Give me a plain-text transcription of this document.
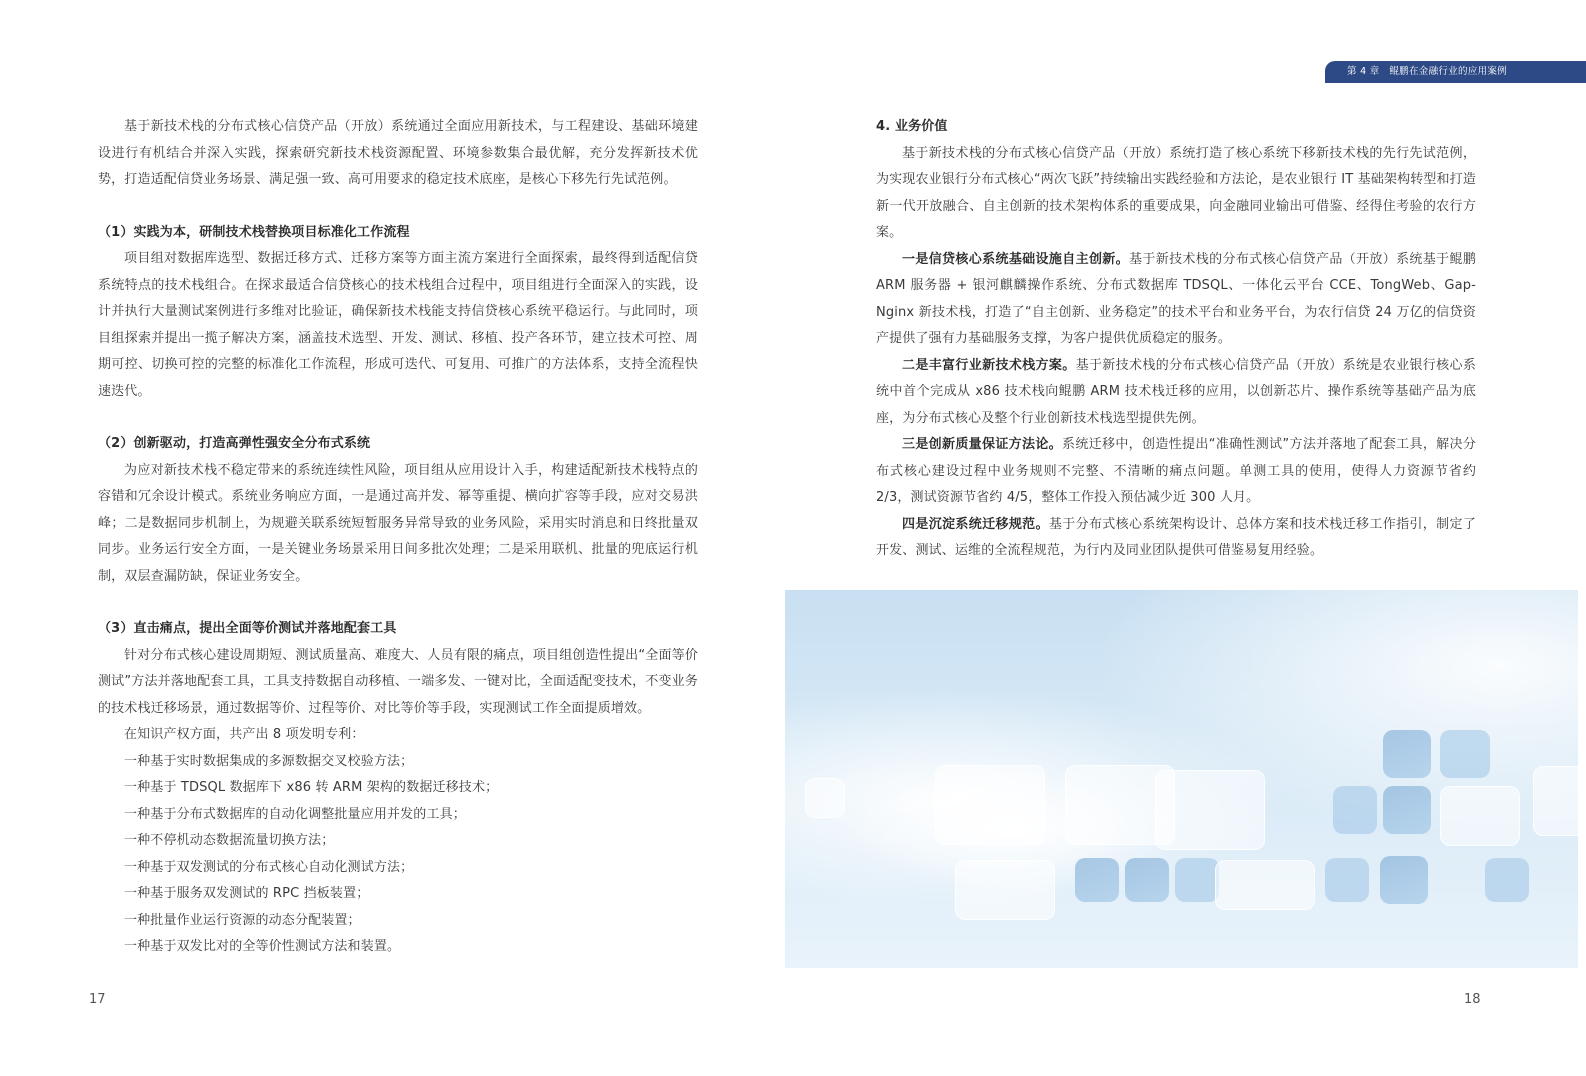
基于新技术栈的分布式核心信贷产品（开放）系统通过全面应用新技术，与工程建设、基础环境建设进行有机结合并深入实践，探索研究新技术栈资源配置、环境参数集合最优解，充分发挥新技术优势，打造适配信贷业务场景、满足强一致、高可用要求的稳定技术底座，是核心下移先行先试范例。

（1）实践为本，研制技术栈替换项目标准化工作流程

项目组对数据库选型、数据迁移方式、迁移方案等方面主流方案进行全面探索，最终得到适配信贷系统特点的技术栈组合。在探求最适合信贷核心的技术栈组合过程中，项目组进行全面深入的实践，设计并执行大量测试案例进行多维对比验证，确保新技术栈能支持信贷核心系统平稳运行。与此同时，项目组探索并提出一揽子解决方案，涵盖技术选型、开发、测试、移植、投产各环节，建立技术可控、周期可控、切换可控的完整的标准化工作流程，形成可迭代、可复用、可推广的方法体系，支持全流程快速迭代。

（2）创新驱动，打造高弹性强安全分布式系统

为应对新技术栈不稳定带来的系统连续性风险，项目组从应用设计入手，构建适配新技术栈特点的容错和冗余设计模式。系统业务响应方面，一是通过高并发、幂等重提、横向扩容等手段，应对交易洪峰；二是数据同步机制上，为规避关联系统短暂服务异常导致的业务风险，采用实时消息和日终批量双同步。业务运行安全方面，一是关键业务场景采用日间多批次处理；二是采用联机、批量的兜底运行机制，双层查漏防缺，保证业务安全。

（3）直击痛点，提出全面等价测试并落地配套工具

针对分布式核心建设周期短、测试质量高、难度大、人员有限的痛点，项目组创造性提出“全面等价测试”方法并落地配套工具，工具支持数据自动移植、一端多发、一键对比，全面适配变技术，不变业务的技术栈迁移场景，通过数据等价、过程等价、对比等价等手段，实现测试工作全面提质增效。

在知识产权方面，共产出 8 项发明专利：
一种基于实时数据集成的多源数据交叉校验方法；
一种基于 TDSQL 数据库下 x86 转 ARM 架构的数据迁移技术；
一种基于分布式数据库的自动化调整批量应用并发的工具；
一种不停机动态数据流量切换方法；
一种基于双发测试的分布式核心自动化测试方法；
一种基于服务双发测试的 RPC 挡板装置；
一种批量作业运行资源的动态分配装置；
一种基于双发比对的全等价性测试方法和装置。
17
第 4 章　鲲鹏在金融行业的应用案例
4. 业务价值

基于新技术栈的分布式核心信贷产品（开放）系统打造了核心系统下移新技术栈的先行先试范例，为实现农业银行分布式核心“两次飞跃”持续输出实践经验和方法论，是农业银行 IT 基础架构转型和打造新一代开放融合、自主创新的技术架构体系的重要成果，向金融同业输出可借鉴、经得住考验的农行方案。

一是信贷核心系统基础设施自主创新。基于新技术栈的分布式核心信贷产品（开放）系统基于鲲鹏 ARM 服务器 + 银河麒麟操作系统、分布式数据库 TDSQL、一体化云平台 CCE、TongWeb、Gap-Nginx 新技术栈，打造了“自主创新、业务稳定”的技术平台和业务平台，为农行信贷 24 万亿的信贷资产提供了强有力基础服务支撑，为客户提供优质稳定的服务。

二是丰富行业新技术栈方案。基于新技术栈的分布式核心信贷产品（开放）系统是农业银行核心系统中首个完成从 x86 技术栈向鲲鹏 ARM 技术栈迁移的应用，以创新芯片、操作系统等基础产品为底座，为分布式核心及整个行业创新技术栈选型提供先例。

三是创新质量保证方法论。系统迁移中，创造性提出“准确性测试”方法并落地了配套工具，解决分布式核心建设过程中业务规则不完整、不清晰的痛点问题。单测工具的使用，使得人力资源节省约 2/3，测试资源节省约 4/5，整体工作投入预估减少近 300 人月。

四是沉淀系统迁移规范。基于分布式核心系统架构设计、总体方案和技术栈迁移工作指引，制定了开发、测试、运维的全流程规范，为行内及同业团队提供可借鉴易复用经验。

18
